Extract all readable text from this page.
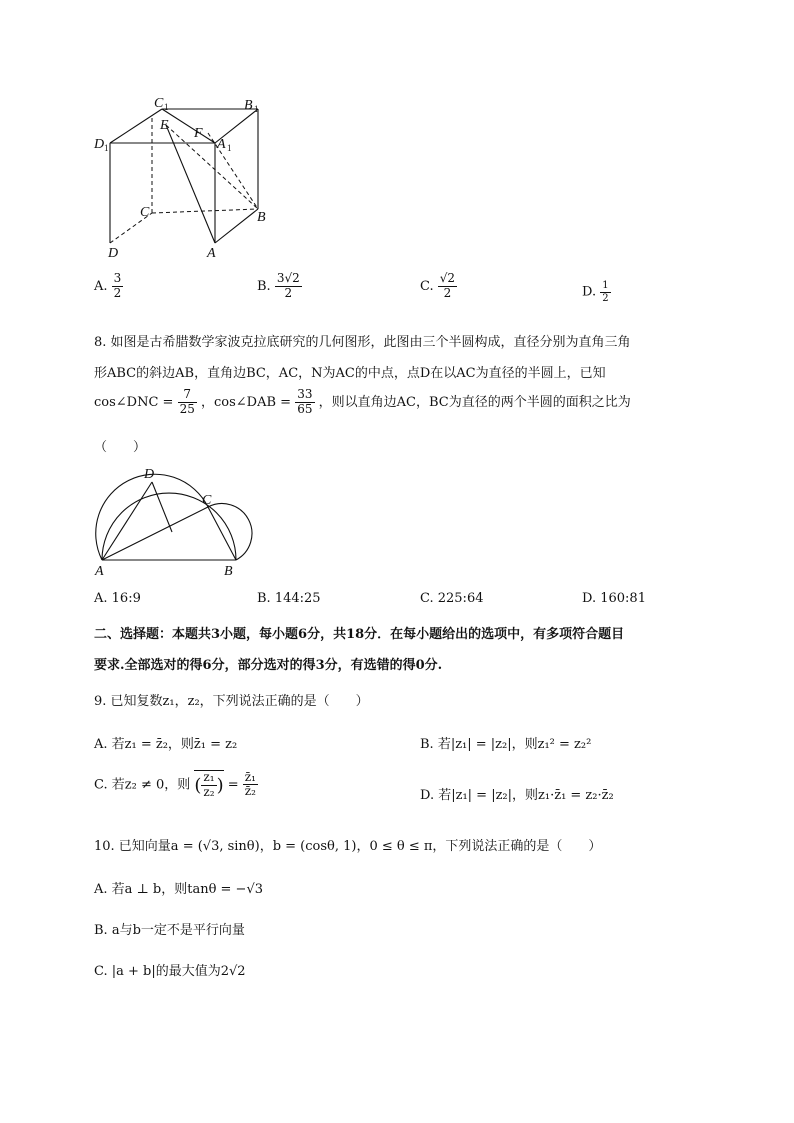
C 1	B 1
D 1	A 1
E
F
C	B
D	A
A. $\frac{3}{2}$	B. $\frac{3√2}{2}$	C. $\frac{√2}{2}$	D. $\frac{1}{2}$
8. 如图是古希腊数学家波克拉底研究的几何图形，此图由三个半圆构成，直径分别为直角三角
形ABC的斜边AB，直角边BC，AC，N为AC的中点，点D在以AC为直径的半圆上，已知
cos∠DNC = $\frac{7}{25}$ ，cos∠DAB = $\frac{33}{65}$ ，则以直角边AC，BC为直径的两个半圆的面积之比为
（　　）
D
C
A	B
A. 16:9	B. 144:25	C. 225:64	D. 160:81
二、选择题：本题共3小题，每小题6分，共18分．在每小题给出的选项中，有多项符合题目
要求.全部选对的得6分，部分选对的得3分，有选错的得0分.
9. 已知复数z₁，z₂，下列说法正确的是（　　）
A. 若z₁ = z̄₂，则z̄₁ = z₂	B. 若|z₁| = |z₂|，则z₁² = z₂²
C. 若z₂ ≠ 0，则 ( $\frac{\text{z₁}}{\text{z₂}}$ ) = $\frac{\text{z̄₁}}{\text{z̄₂}}$	D. 若|z₁| = |z₂|，则z₁·z̄₁ = z₂·z̄₂
10. 已知向量a = (√3, sinθ)，b = (cosθ, 1)，0 ≤ θ ≤ π，下列说法正确的是（　　）
A. 若a ⊥ b，则tanθ = −√3
B. a与b一定不是平行向量
C. |a + b|的最大值为2√2
